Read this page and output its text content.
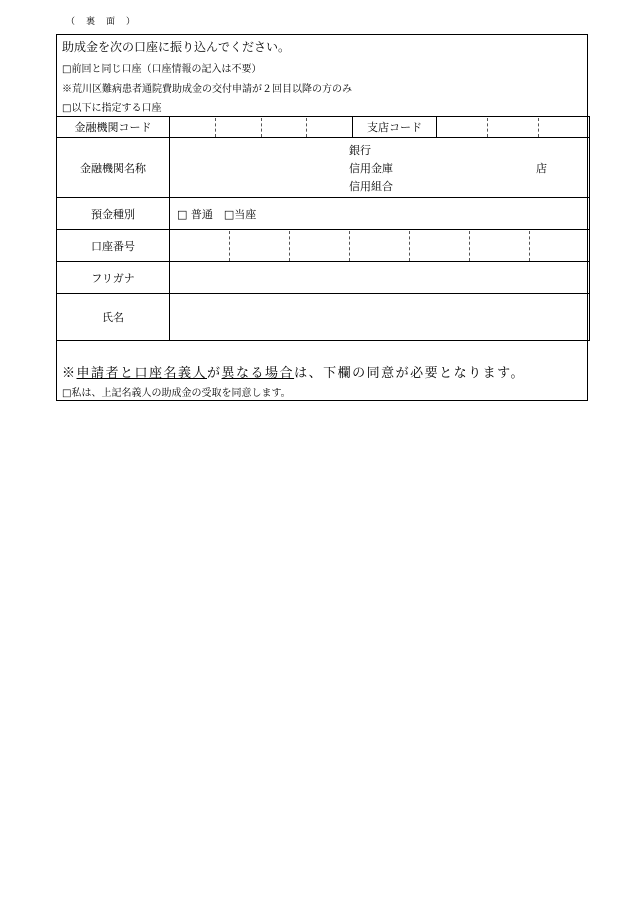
（　裏　面　）
助成金を次の口座に振り込んでください。
□前回と同じ口座（口座情報の記入は不要）
※荒川区難病患者通院費助成金の交付申請が２回目以降の方のみ
□以下に指定する口座
金融機関コード		支店コード	

金融機関名称	銀行
信用金庫
信用組合
店		

預金種別	□ 普通　□当座		
口座番号			

フリガナ			
氏名			
※申請者と口座名義人が異なる場合は、下欄の同意が必要となります。
□私は、上記名義人の助成金の受取を同意します。
